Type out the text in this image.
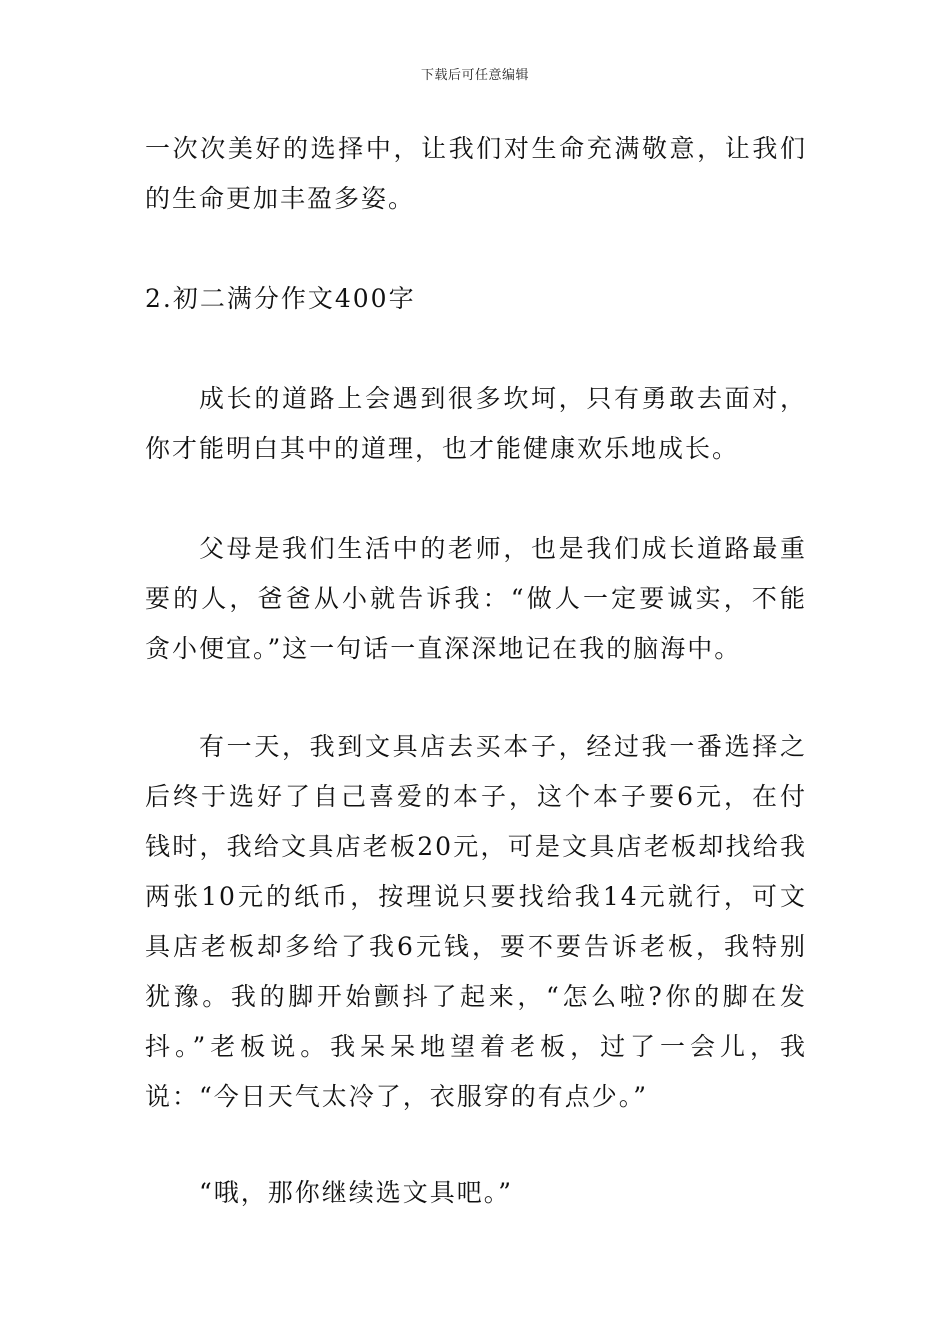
下载后可任意编辑

一次次美好的选择中，让我们对生命充满敬意，让我们的生命更加丰盈多姿。

2.初二满分作文400字

成长的道路上会遇到很多坎坷，只有勇敢去面对，你才能明白其中的道理，也才能健康欢乐地成长。

父母是我们生活中的老师，也是我们成长道路最重要的人，爸爸从小就告诉我：“做人一定要诚实，不能贪小便宜。”这一句话一直深深地记在我的脑海中。

有一天，我到文具店去买本子，经过我一番选择之后终于选好了自己喜爱的本子，这个本子要6元，在付钱时，我给文具店老板20元，可是文具店老板却找给我两张10元的纸币，按理说只要找给我14元就行，可文具店老板却多给了我6元钱，要不要告诉老板，我特别犹豫。我的脚开始颤抖了起来，“怎么啦?你的脚在发抖。”老板说。我呆呆地望着老板，过了一会儿，我说：“今日天气太冷了，衣服穿的有点少。”

“哦，那你继续选文具吧。”
